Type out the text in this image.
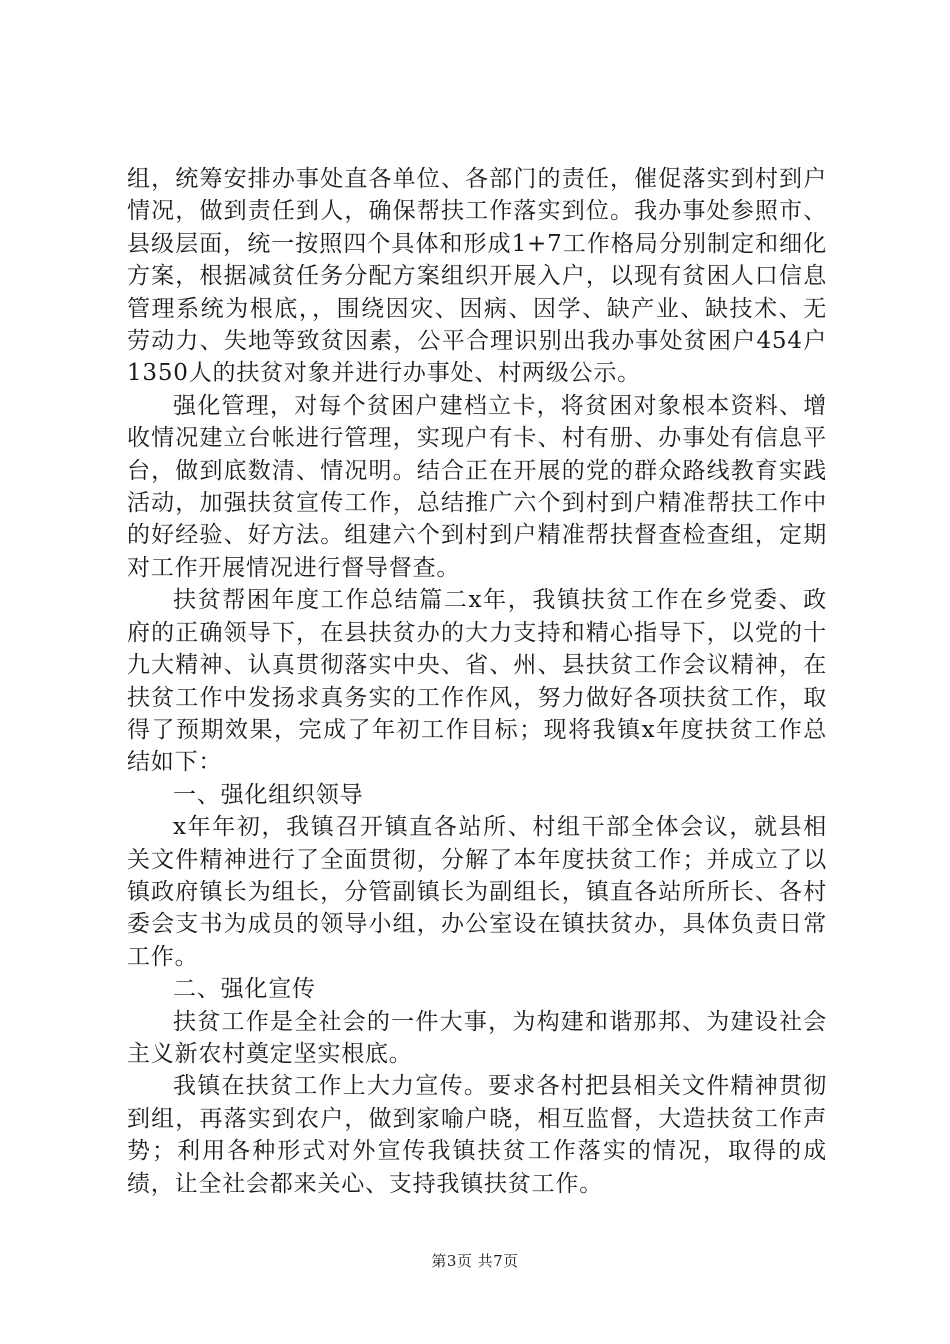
组，统筹安排办事处直各单位、各部门的责任，催促落实到村到户情况，做到责任到人，确保帮扶工作落实到位。我办事处参照市、县级层面，统一按照四个具体和形成1+7工作格局分别制定和细化方案，根据减贫任务分配方案组织开展入户，以现有贫困人口信息管理系统为根底，，围绕因灾、因病、因学、缺产业、缺技术、无劳动力、失地等致贫因素，公平合理识别出我办事处贫困户454户1350人的扶贫对象并进行办事处、村两级公示。

强化管理，对每个贫困户建档立卡，将贫困对象根本资料、增收情况建立台帐进行管理，实现户有卡、村有册、办事处有信息平台，做到底数清、情况明。结合正在开展的党的群众路线教育实践活动，加强扶贫宣传工作，总结推广六个到村到户精准帮扶工作中的好经验、好方法。组建六个到村到户精准帮扶督查检查组，定期对工作开展情况进行督导督查。

扶贫帮困年度工作总结篇二x年，我镇扶贫工作在乡党委、政府的正确领导下，在县扶贫办的大力支持和精心指导下，以党的十九大精神、认真贯彻落实中央、省、州、县扶贫工作会议精神，在扶贫工作中发扬求真务实的工作作风，努力做好各项扶贫工作，取得了预期效果，完成了年初工作目标；现将我镇x年度扶贫工作总结如下：

一、强化组织领导

x年年初，我镇召开镇直各站所、村组干部全体会议，就县相关文件精神进行了全面贯彻，分解了本年度扶贫工作；并成立了以镇政府镇长为组长，分管副镇长为副组长，镇直各站所所长、各村委会支书为成员的领导小组，办公室设在镇扶贫办，具体负责日常工作。

二、强化宣传

扶贫工作是全社会的一件大事，为构建和谐那邦、为建设社会主义新农村奠定坚实根底。

我镇在扶贫工作上大力宣传。要求各村把县相关文件精神贯彻到组，再落实到农户，做到家喻户晓，相互监督，大造扶贫工作声势；利用各种形式对外宣传我镇扶贫工作落实的情况，取得的成绩，让全社会都来关心、支持我镇扶贫工作。

第3页 共7页
